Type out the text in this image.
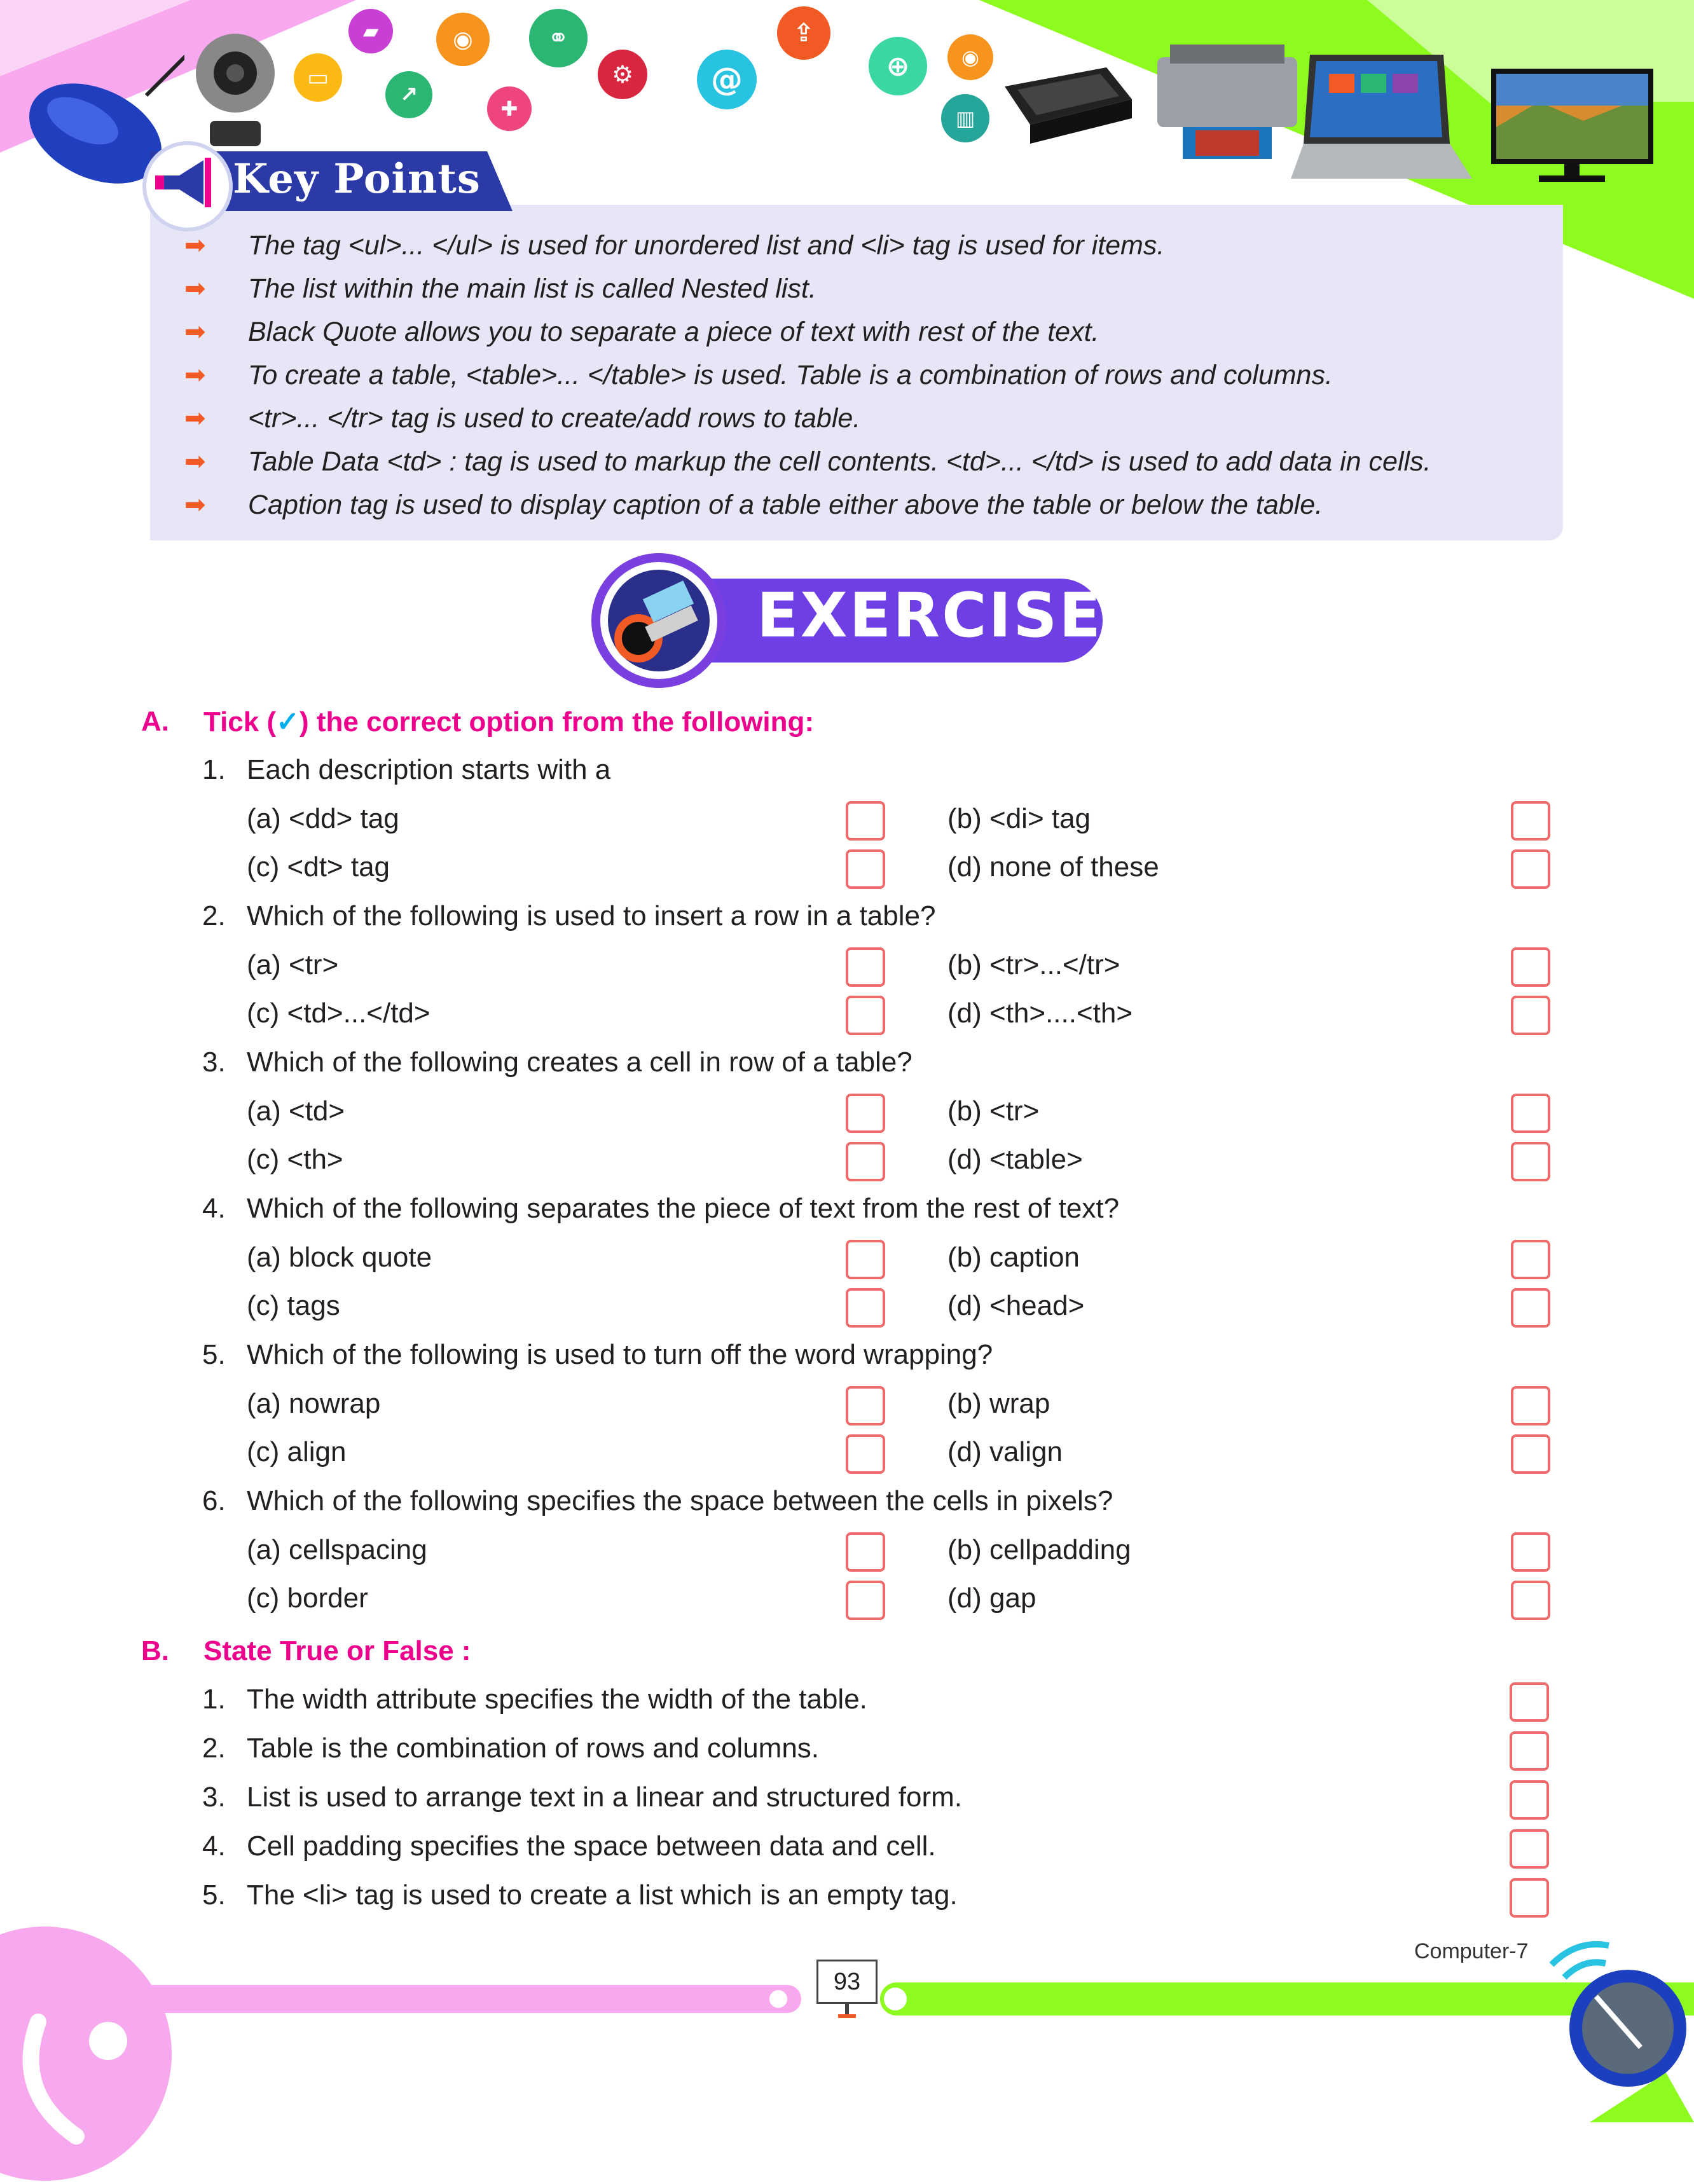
▭
▰
↗
✚
◉	⚭
⚙	@
⇪
⊕	◉
▥
Key Points
➡ The tag <ul>... </ul> is used for unordered list and <li> tag is used for items.
➡ The list within the main list is called Nested list.
➡ Black Quote allows you to separate a piece of text with rest of the text.
➡ To create a table, <table>... </table> is used. Table is a combination of rows and columns.
➡ <tr>... </tr> tag is used to create/add rows to table.
➡ Table Data <td> : tag is used to markup the cell contents. <td>... </td> is used to add data in cells.
➡ Caption tag is used to display caption of a table either above the table or below the table.
EXERCISE
A. Tick (✓) the correct option from the following:
1. Each description starts with a
(a) <dd> tag	(b) <di> tag
(c) <dt> tag	(d) none of these
2. Which of the following is used to insert a row in a table?
(a) <tr>	(b) <tr>...</tr>
(c) <td>...</td>	(d) <th>....<th>
3. Which of the following creates a cell in row of a table?
(a) <td>	(b) <tr>
(c) <th>	(d) <table>
4. Which of the following separates the piece of text from the rest of text?
(a) block quote	(b) caption
(c) tags	(d) <head>
5. Which of the following is used to turn off the word wrapping?
(a) nowrap	(b) wrap
(c) align	(d) valign
6. Which of the following specifies the space between the cells in pixels?
(a) cellspacing	(b) cellpadding
(c) border	(d) gap
B. State True or False :
1. The width attribute specifies the width of the table.
2. Table is the combination of rows and columns.
3. List is used to arrange text in a linear and structured form.
4. Cell padding specifies the space between data and cell.
5. The <li> tag is used to create a list which is an empty tag.
93
Computer-7
